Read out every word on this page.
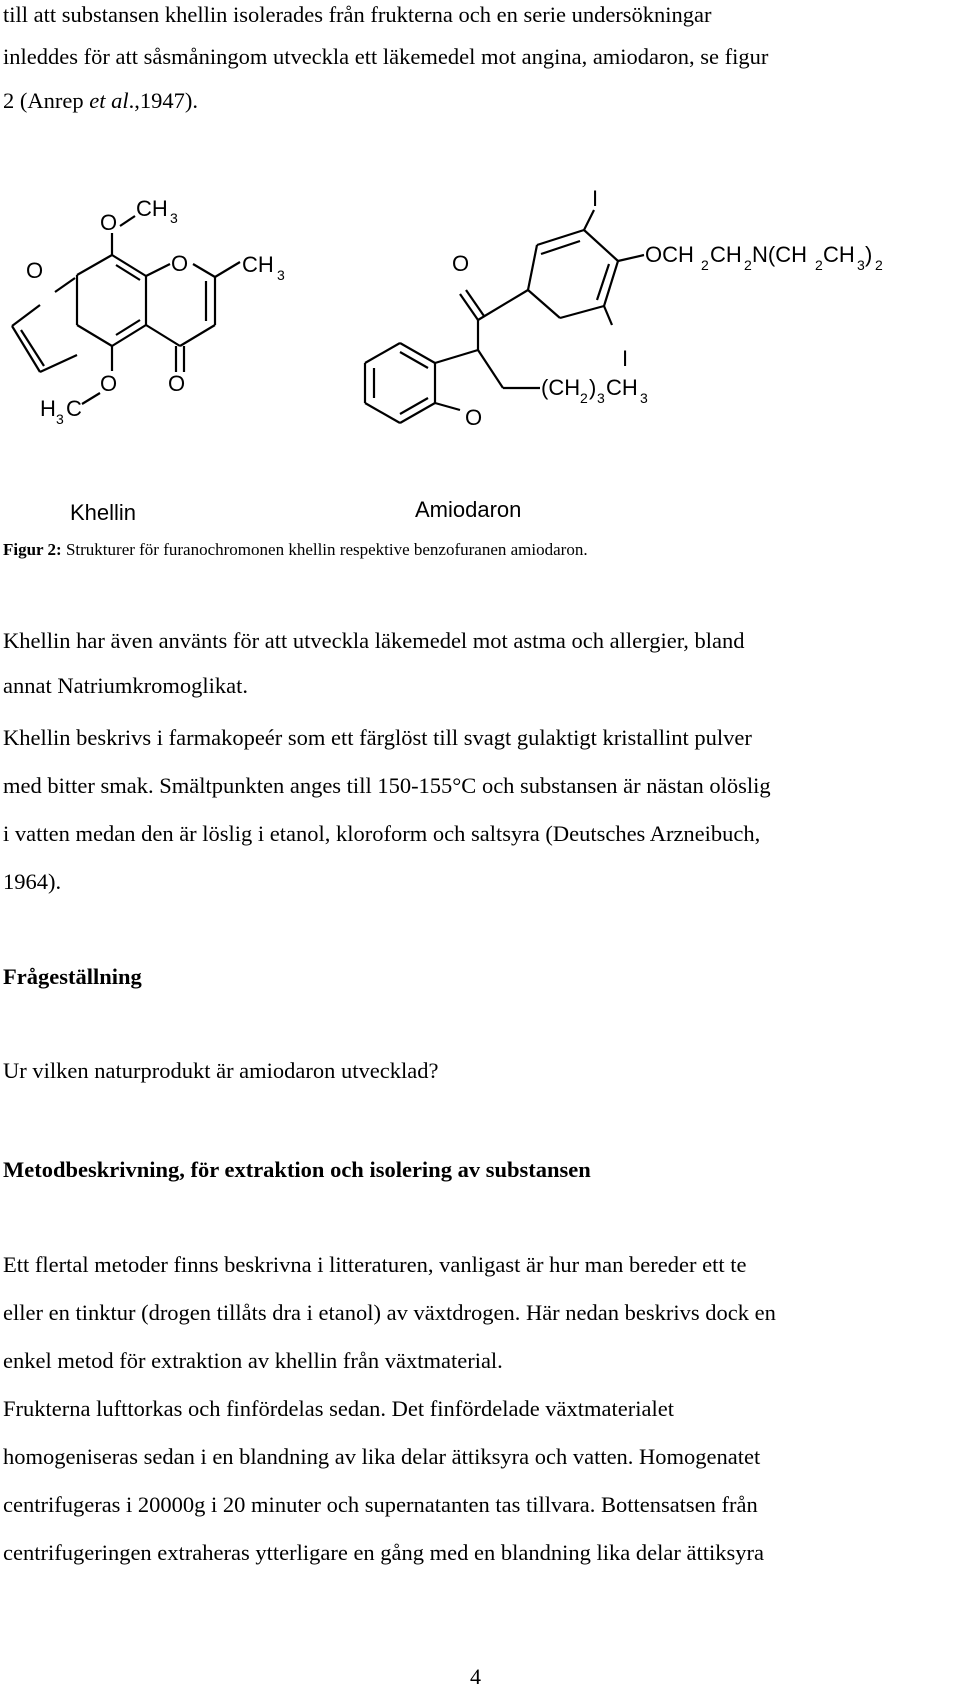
till att substansen khellin isolerades från frukterna och en serie undersökningar
inleddes för att såsmåningom utveckla ett läkemedel mot angina, amiodaron, se figur
2 (Anrep et al.,1947).
O
O
CH 3
O CH 3
O O
H 3 C
Khellin
O
O
I
I
OCH 2 CH 2 N(CH 2 CH 3 ) 2
(CH 2 ) 3 CH 3
Amiodaron
Figur 2: Strukturer för furanochromonen khellin respektive benzofuranen amiodaron.
Khellin har även använts för att utveckla läkemedel mot astma och allergier, bland
annat Natriumkromoglikat.
Khellin beskrivs i farmakopeér som ett färglöst till svagt gulaktigt kristallint pulver
med bitter smak. Smältpunkten anges till 150-155°C och substansen är nästan olöslig
i vatten medan den är löslig i etanol, kloroform och saltsyra (Deutsches Arzneibuch,
1964).
Frågeställning
Ur vilken naturprodukt är amiodaron utvecklad?
Metodbeskrivning, för extraktion och isolering av substansen
Ett flertal metoder finns beskrivna i litteraturen, vanligast är hur man bereder ett te
eller en tinktur (drogen tillåts dra i etanol) av växtdrogen. Här nedan beskrivs dock en
enkel metod för extraktion av khellin från växtmaterial.
Frukterna lufttorkas och finfördelas sedan. Det finfördelade växtmaterialet
homogeniseras sedan i en blandning av lika delar ättiksyra och vatten. Homogenatet
centrifugeras i 20000g i 20 minuter och supernatanten tas tillvara. Bottensatsen från
centrifugeringen extraheras ytterligare en gång med en blandning lika delar ättiksyra
4
